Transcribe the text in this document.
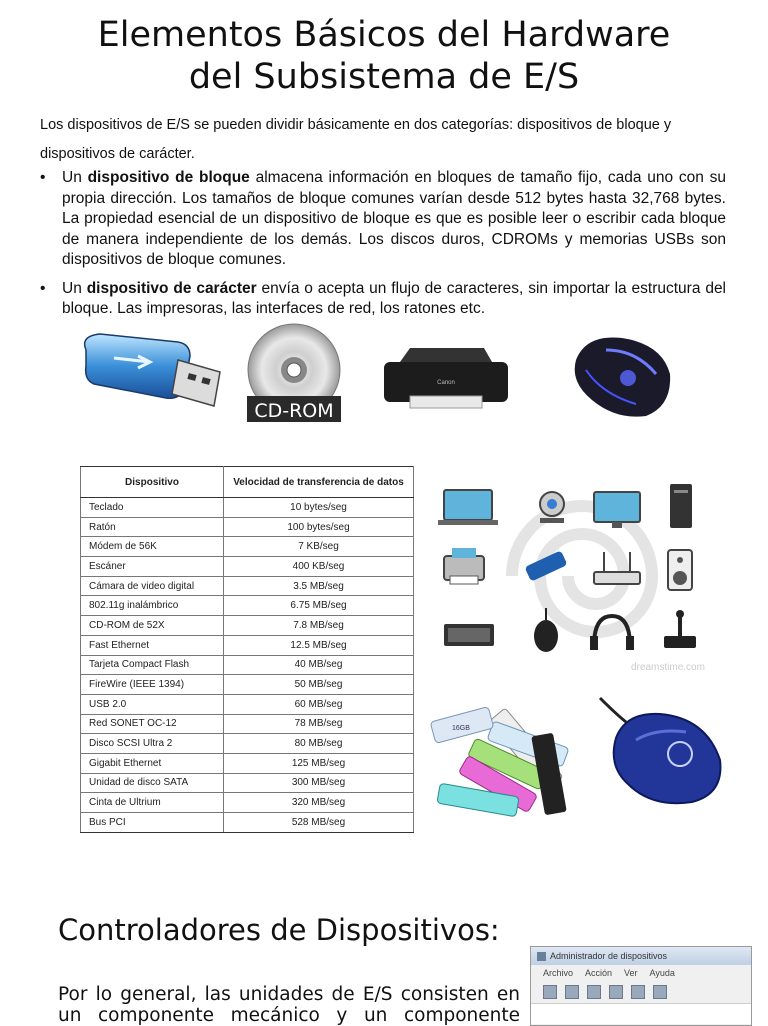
Elementos Básicos del Hardware
del Subsistema de E/S
Los dispositivos de E/S se pueden dividir básicamente en dos categorías: dispositivos de bloque y dispositivos de carácter.
• Un dispositivo de bloque almacena información en bloques de tamaño fijo, cada uno con su propia dirección. Los tamaños de bloque comunes varían desde 512 bytes hasta 32,768 bytes. La propiedad esencial de un dispositivo de bloque es que es posible leer o escribir cada bloque de manera independiente de los demás. Los discos duros, CDROMs y memorias USBs son dispositivos de bloque comunes.
• Un dispositivo de carácter envía o acepta un flujo de caracteres, sin importar la estructura del bloque. Las impresoras, las interfaces de red, los ratones etc.
CD-ROM
Canon
Dispositivo	Velocidad de transferencia de datos
Teclado	10 bytes/seg
Ratón	100 bytes/seg
Módem de 56K	7 KB/seg
Escáner	400 KB/seg
Cámara de video digital	3.5 MB/seg
802.11g inalámbrico	6.75 MB/seg
CD-ROM de 52X	7.8 MB/seg
Fast Ethernet	12.5 MB/seg
Tarjeta Compact Flash	40 MB/seg
FireWire (IEEE 1394)	50 MB/seg
USB 2.0	60 MB/seg
Red SONET OC-12	78 MB/seg
Disco SCSI Ultra 2	80 MB/seg
Gigabit Ethernet	125 MB/seg
Unidad de disco SATA	300 MB/seg
Cinta de Ultrium	320 MB/seg
Bus PCI	528 MB/seg
dreamstime.com
16GB
Controladores de Dispositivos:
Por lo general, las unidades de E/S consisten en un componente mecánico y un componente
Administrador de dispositivos
Archivo Acción Ver Ayuda
